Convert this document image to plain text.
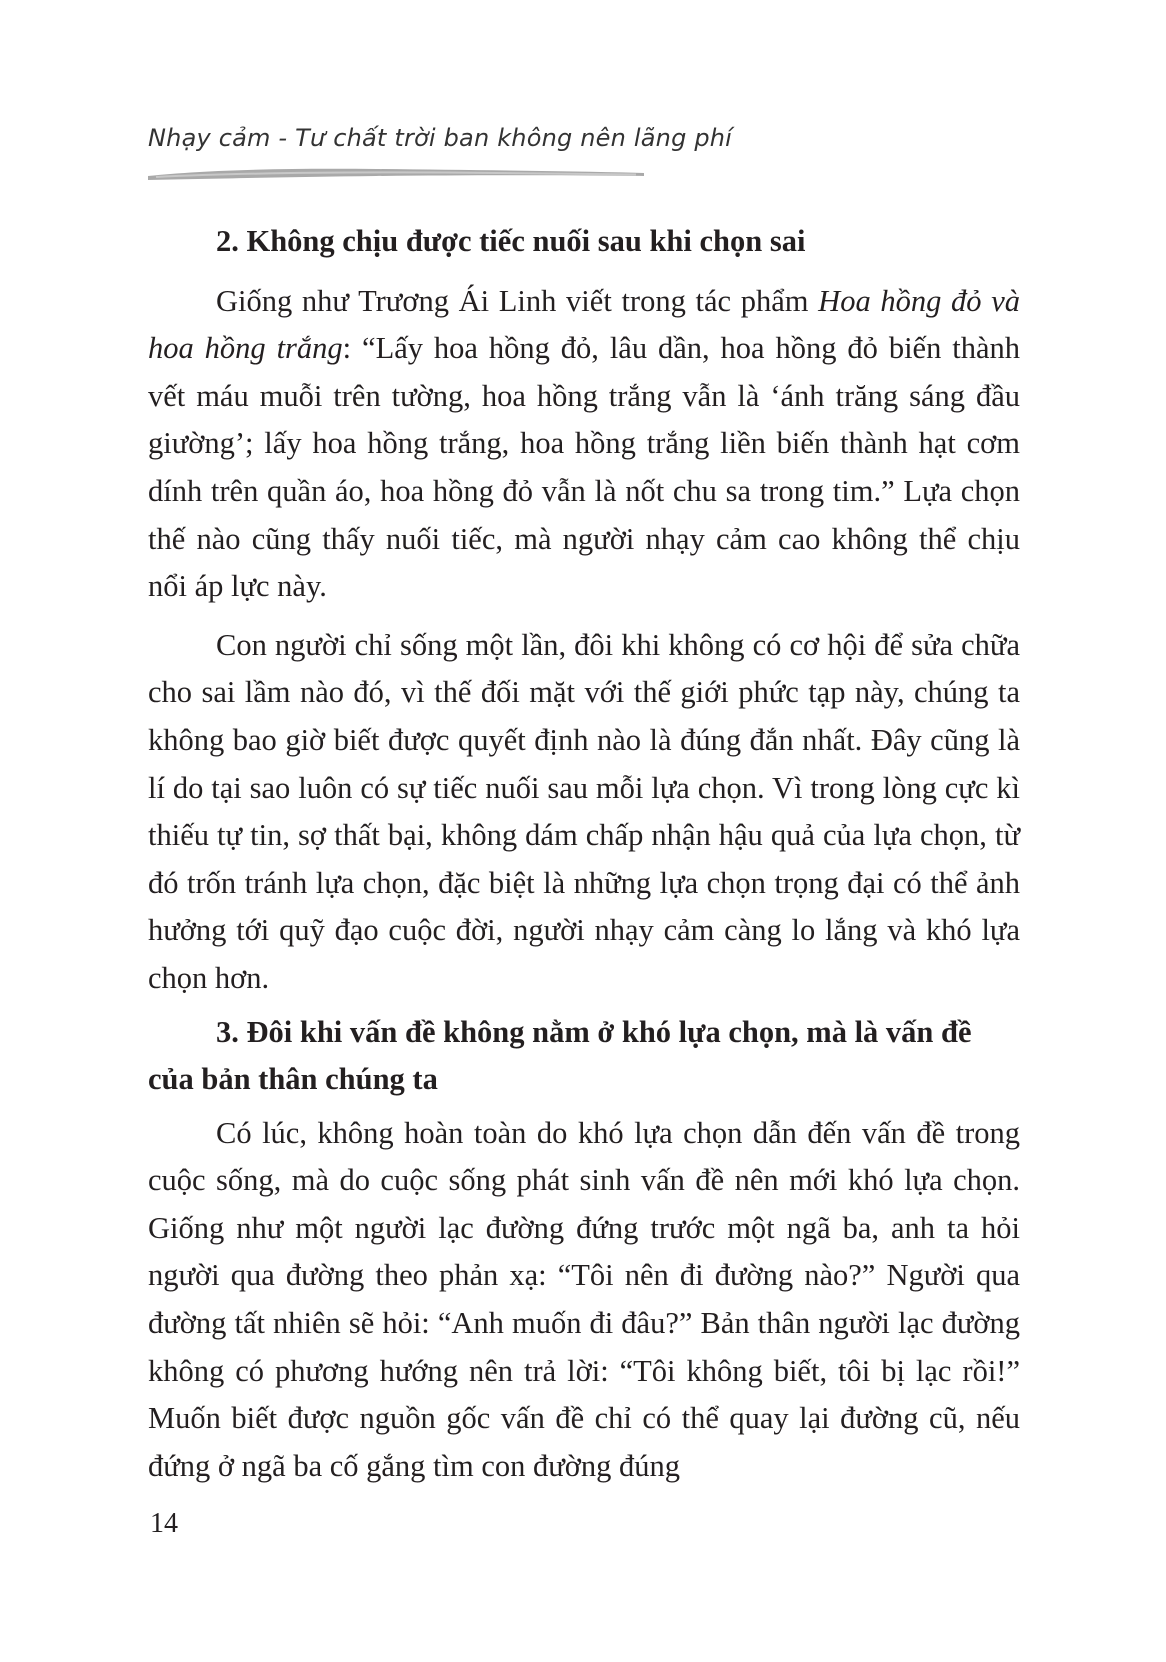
Nhạy cảm - Tư chất trời ban không nên lãng phí
2. Không chịu được tiếc nuối sau khi chọn sai

Giống như Trương Ái Linh viết trong tác phẩm Hoa hồng đỏ và hoa hồng trắng: “Lấy hoa hồng đỏ, lâu dần, hoa hồng đỏ biến thành vết máu muỗi trên tường, hoa hồng trắng vẫn là ‘ánh trăng sáng đầu giường’; lấy hoa hồng trắng, hoa hồng trắng liền biến thành hạt cơm dính trên quần áo, hoa hồng đỏ vẫn là nốt chu sa trong tim.” Lựa chọn thế nào cũng thấy nuối tiếc, mà người nhạy cảm cao không thể chịu nổi áp lực này.

Con người chỉ sống một lần, đôi khi không có cơ hội để sửa chữa cho sai lầm nào đó, vì thế đối mặt với thế giới phức tạp này, chúng ta không bao giờ biết được quyết định nào là đúng đắn nhất. Đây cũng là lí do tại sao luôn có sự tiếc nuối sau mỗi lựa chọn. Vì trong lòng cực kì thiếu tự tin, sợ thất bại, không dám chấp nhận hậu quả của lựa chọn, từ đó trốn tránh lựa chọn, đặc biệt là những lựa chọn trọng đại có thể ảnh hưởng tới quỹ đạo cuộc đời, người nhạy cảm càng lo lắng và khó lựa chọn hơn.

3. Đôi khi vấn đề không nằm ở khó lựa chọn, mà là vấn đề của bản thân chúng ta

Có lúc, không hoàn toàn do khó lựa chọn dẫn đến vấn đề trong cuộc sống, mà do cuộc sống phát sinh vấn đề nên mới khó lựa chọn. Giống như một người lạc đường đứng trước một ngã ba, anh ta hỏi người qua đường theo phản xạ: “Tôi nên đi đường nào?” Người qua đường tất nhiên sẽ hỏi: “Anh muốn đi đâu?” Bản thân người lạc đường không có phương hướng nên trả lời: “Tôi không biết, tôi bị lạc rồi!” Muốn biết được nguồn gốc vấn đề chỉ có thể quay lại đường cũ, nếu đứng ở ngã ba cố gắng tìm con đường đúng

14
